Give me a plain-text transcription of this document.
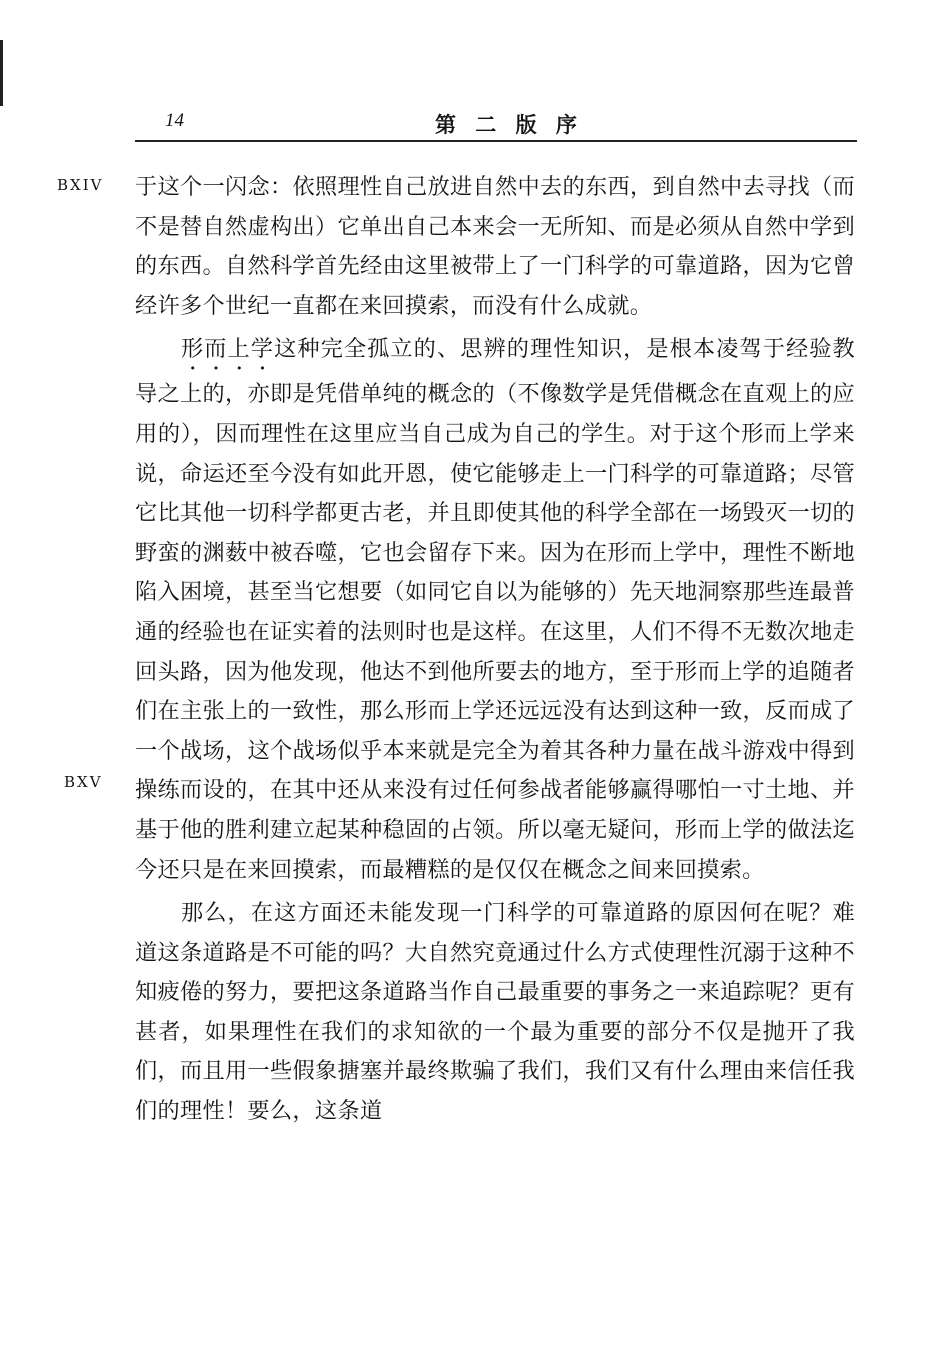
14	第 二 版 序
BXIV
BXV

于这个一闪念：依照理性自己放进自然中去的东西，到自然中去寻找（而不是替自然虚构出）它单出自己本来会一无所知、而是必须从自然中学到的东西。自然科学首先经由这里被带上了一门科学的可靠道路，因为它曾经许多个世纪一直都在来回摸索，而没有什么成就。

形而上学这种完全孤立的、思辨的理性知识，是根本凌驾于经验教导之上的，亦即是凭借单纯的概念的（不像数学是凭借概念在直观上的应用的），因而理性在这里应当自己成为自己的学生。对于这个形而上学来说，命运还至今没有如此开恩，使它能够走上一门科学的可靠道路；尽管它比其他一切科学都更古老，并且即使其他的科学全部在一场毁灭一切的野蛮的渊薮中被吞噬，它也会留存下来。因为在形而上学中，理性不断地陷入困境，甚至当它想要（如同它自以为能够的）先天地洞察那些连最普通的经验也在证实着的法则时也是这样。在这里，人们不得不无数次地走回头路，因为他发现，他达不到他所要去的地方，至于形而上学的追随者们在主张上的一致性，那么形而上学还远远没有达到这种一致，反而成了一个战场，这个战场似乎本来就是完全为着其各种力量在战斗游戏中得到操练而设的，在其中还从来没有过任何参战者能够赢得哪怕一寸土地、并基于他的胜利建立起某种稳固的占领。所以毫无疑问，形而上学的做法迄今还只是在来回摸索，而最糟糕的是仅仅在概念之间来回摸索。

那么，在这方面还未能发现一门科学的可靠道路的原因何在呢？难道这条道路是不可能的吗？大自然究竟通过什么方式使理性沉溺于这种不知疲倦的努力，要把这条道路当作自己最重要的事务之一来追踪呢？更有甚者，如果理性在我们的求知欲的一个最为重要的部分不仅是抛开了我们，而且用一些假象搪塞并最终欺骗了我们，我们又有什么理由来信任我们的理性！要么，这条道
